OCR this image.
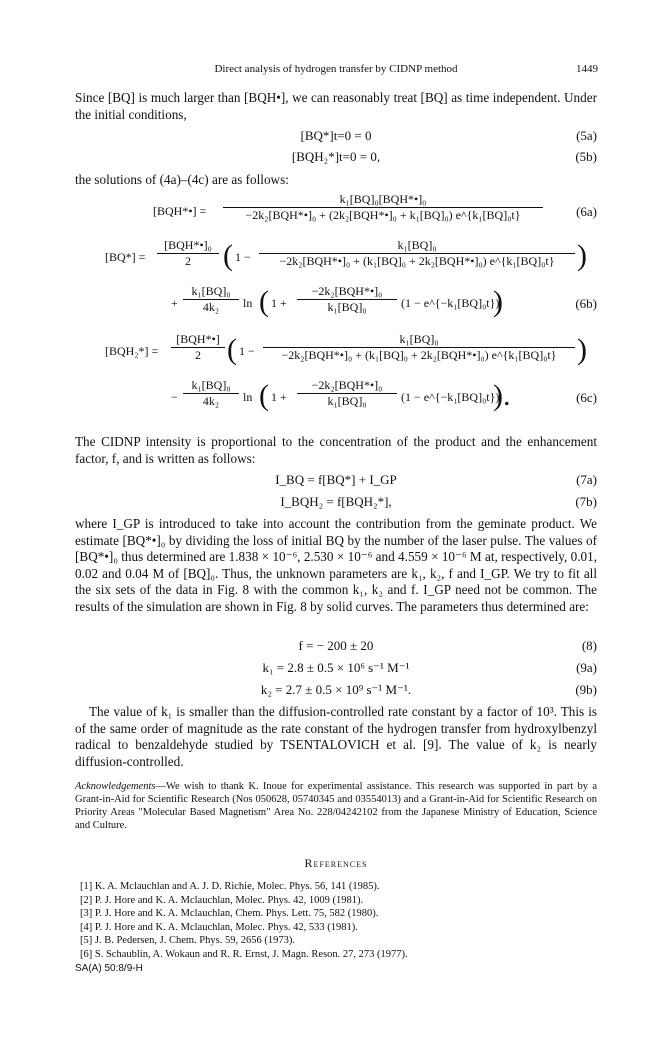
Direct analysis of hydrogen transfer by CIDNP method	1449
Since [BQ] is much larger than [BQH•], we can reasonably treat [BQ] as time independent. Under the initial conditions,
[BQ*]t=0 = 0	(5a)
[BQH₂*]t=0 = 0,	(5b)
the solutions of (4a)–(4c) are as follows:
[BQH*•] =
k₁[BQ]₀[BQH*•]₀
−2k₂[BQH*•]₀ + (2k₂[BQH*•]₀ + k₁[BQ]₀) e^{k₁[BQ]₀t}	(6a)
[BQ*] =
[BQH*•]₀
2	( 1 −
k₁[BQ]₀
−2k₂[BQH*•]₀ + (k₁[BQ]₀ + 2k₂[BQH*•]₀) e^{k₁[BQ]₀t} )
+ $\frac{\text{k₁[BQ]₀}}{\text{4k₂}}$ ln ( 1 +
−2k₂[BQH*•]₀
k₁[BQ]₀	(1 − e^{−k₁[BQ]₀t})
)	(6b)
[BQH₂*] =
[BQH*•]
2 ( 1 −
k₁[BQ]₀
−2k₂[BQH*•]₀ + (k₁[BQ]₀ + 2k₂[BQH*•]₀) e^{k₁[BQ]₀t} )
− $\frac{\text{k₁[BQ]₀}}{\text{4k₂}}$ ln ( 1 +
−2k₂[BQH*•]₀
k₁[BQ]₀	(1 − e^{−k₁[BQ]₀t})
).	(6c)
The CIDNP intensity is proportional to the concentration of the product and the enhancement factor, f, and is written as follows:
I_BQ = f[BQ*] + I_GP	(7a)
I_BQH₂ = f[BQH₂*],	(7b)
where I_GP is introduced to take into account the contribution from the geminate product. We estimate [BQ*•]₀ by dividing the loss of initial BQ by the number of the laser pulse. The values of [BQ*•]₀ thus determined are 1.838 × 10⁻⁶, 2.530 × 10⁻⁶ and 4.559 × 10⁻⁶ M at, respectively, 0.01, 0.02 and 0.04 M of [BQ]₀. Thus, the unknown parameters are k₁, k₂, f and I_GP. We try to fit all the six sets of the data in Fig. 8 with the common k₁, k₂ and f. I_GP need not be common. The results of the simulation are shown in Fig. 8 by solid curves. The parameters thus determined are:
f = − 200 ± 20	(8)
k₁ = 2.8 ± 0.5 × 10⁶ s⁻¹ M⁻¹	(9a)
k₂ = 2.7 ± 0.5 × 10⁹ s⁻¹ M⁻¹.	(9b)
The value of k₁ is smaller than the diffusion-controlled rate constant by a factor of 10³. This is of the same order of magnitude as the rate constant of the hydrogen transfer from hydroxylbenzyl radical to benzaldehyde studied by TSENTALOVICH et al. [9]. The value of k₂ is nearly diffusion-controlled.
Acknowledgements—We wish to thank K. Inoue for experimental assistance. This research was supported in part by a Grant-in-Aid for Scientific Research (Nos 050628, 05740345 and 03554013) and a Grant-in-Aid for Scientific Research on Priority Areas "Molecular Based Magnetism" Area No. 228/04242102 from the Japanese Ministry of Education, Science and Culture.
References
[1] K. A. Mclauchlan and A. J. D. Richie, Molec. Phys. 56, 141 (1985).
[2] P. J. Hore and K. A. Mclauchlan, Molec. Phys. 42, 1009 (1981).
[3] P. J. Hore and K. A. Mclauchlan, Chem. Phys. Lett. 75, 582 (1980).
[4] P. J. Hore and K. A. Mclauchlan, Molec. Phys. 42, 533 (1981).
[5] J. B. Pedersen, J. Chem. Phys. 59, 2656 (1973).
[6] S. Schaublin, A. Wokaun and R. R. Ernst, J. Magn. Reson. 27, 273 (1977).
SA(A) 50:8/9-H
